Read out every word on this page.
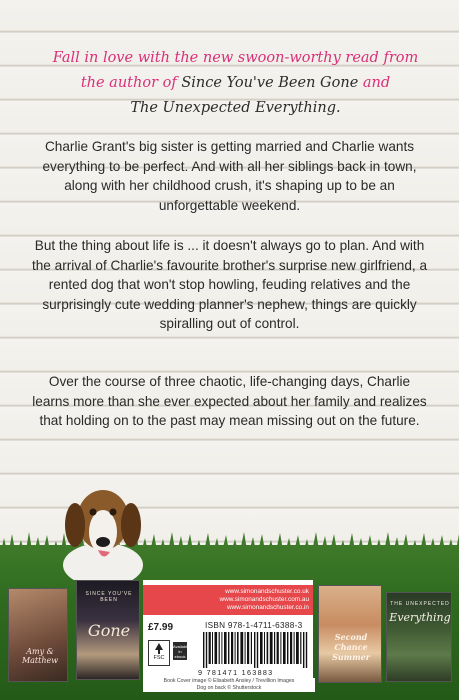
Fall in love with the new swoon-worthy read from
the author of Since You've Been Gone and
The Unexpected Everything.
Charlie Grant's big sister is getting married and Charlie wants everything to be perfect. And with all her siblings back in town, along with her childhood crush, it's shaping up to be an unforgettable weekend.
But the thing about life is ... it doesn't always go to plan. And with the arrival of Charlie's favourite brother's surprise new girlfriend, a rented dog that won't stop howling, feuding relatives and the surprisingly cute wedding planner's nephew, things are quickly spiralling out of control.
Over the course of three chaotic, life-changing days, Charlie learns more than she ever expected about her family and realizes that holding on to the past may mean missing out on the future.
Amy & Matthew
SINCE YOU'VE BEEN
Gone
www.simonandschuster.co.uk
www.simonandschuster.com.au
www.simonandschuster.co.in
£7.99
FSC
Available in ebook
ISBN 978-1-4711-6388-3
9 781471 163883
Book Cover image © Elisabeth Ansley / Trevillion Images
Dog on back © Shutterstock
Second Chance Summer
THE UNEXPECTED
Everything
